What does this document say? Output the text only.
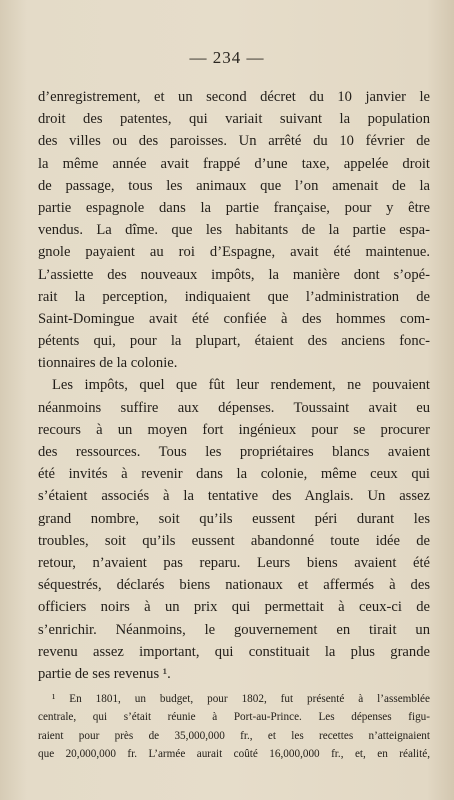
— 234 —
d’enregistrement, et un second décret du 10 janvier le
droit des patentes, qui variait suivant la population
des villes ou des paroisses. Un arrêté du 10 février de
la même année avait frappé d’une taxe, appelée droit
de passage, tous les animaux que l’on amenait de la
partie espagnole dans la partie française, pour y être
vendus. La dîme. que les habitants de la partie espa-
gnole payaient au roi d’Espagne, avait été maintenue.
L’assiette des nouveaux impôts, la manière dont s’opé-
rait la perception, indiquaient que l’administration de
Saint-Domingue avait été confiée à des hommes com-
pétents qui, pour la plupart, étaient des anciens fonc-
tionnaires de la colonie.
Les impôts, quel que fût leur rendement, ne pouvaient
néanmoins suffire aux dépenses. Toussaint avait eu
recours à un moyen fort ingénieux pour se procurer
des ressources. Tous les propriétaires blancs avaient
été invités à revenir dans la colonie, même ceux qui
s’étaient associés à la tentative des Anglais. Un assez
grand nombre, soit qu’ils eussent péri durant les
troubles, soit qu’ils eussent abandonné toute idée de
retour, n’avaient pas reparu. Leurs biens avaient été
séquestrés, déclarés biens nationaux et affermés à des
officiers noirs à un prix qui permettait à ceux-ci de
s’enrichir. Néanmoins, le gouvernement en tirait un
revenu assez important, qui constituait la plus grande
partie de ses revenus ¹.
¹ En 1801, un budget, pour 1802, fut présenté à l’assemblée
centrale, qui s’était réunie à Port-au-Prince. Les dépenses figu-
raient pour près de 35,000,000 fr., et les recettes n’atteignaient
que 20,000,000 fr. L’armée aurait coûté 16,000,000 fr., et, en réalité,
